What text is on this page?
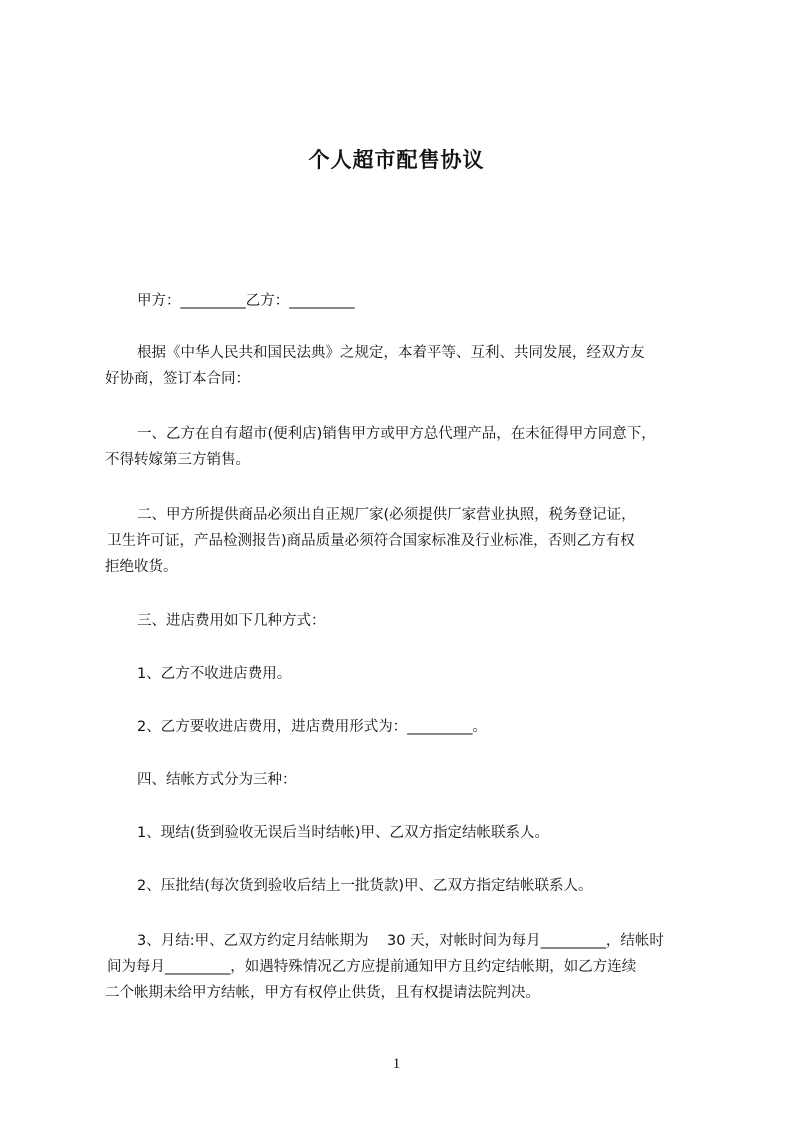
个人超市配售协议
甲方：_________乙方：_________
根据《中华人民共和国民法典》之规定，本着平等、互利、共同发展，经双方友
好协商，签订本合同：
一、乙方在自有超市(便利店)销售甲方或甲方总代理产品，在未征得甲方同意下，
不得转嫁第三方销售。
二、甲方所提供商品必须出自正规厂家(必须提供厂家营业执照，税务登记证，
卫生许可证，产品检测报告)商品质量必须符合国家标准及行业标准，否则乙方有权
拒绝收货。
三、进店费用如下几种方式：
1、乙方不收进店费用。
2、乙方要收进店费用，进店费用形式为：_________。
四、结帐方式分为三种：
1、现结(货到验收无误后当时结帐)甲、乙双方指定结帐联系人。
2、压批结(每次货到验收后结上一批货款)甲、乙双方指定结帐联系人。
3、月结:甲、乙双方约定月结帐期为    30 天，对帐时间为每月_________，结帐时
间为每月_________，如遇特殊情况乙方应提前通知甲方且约定结帐期，如乙方连续
二个帐期未给甲方结帐，甲方有权停止供货，且有权提请法院判决。
1
